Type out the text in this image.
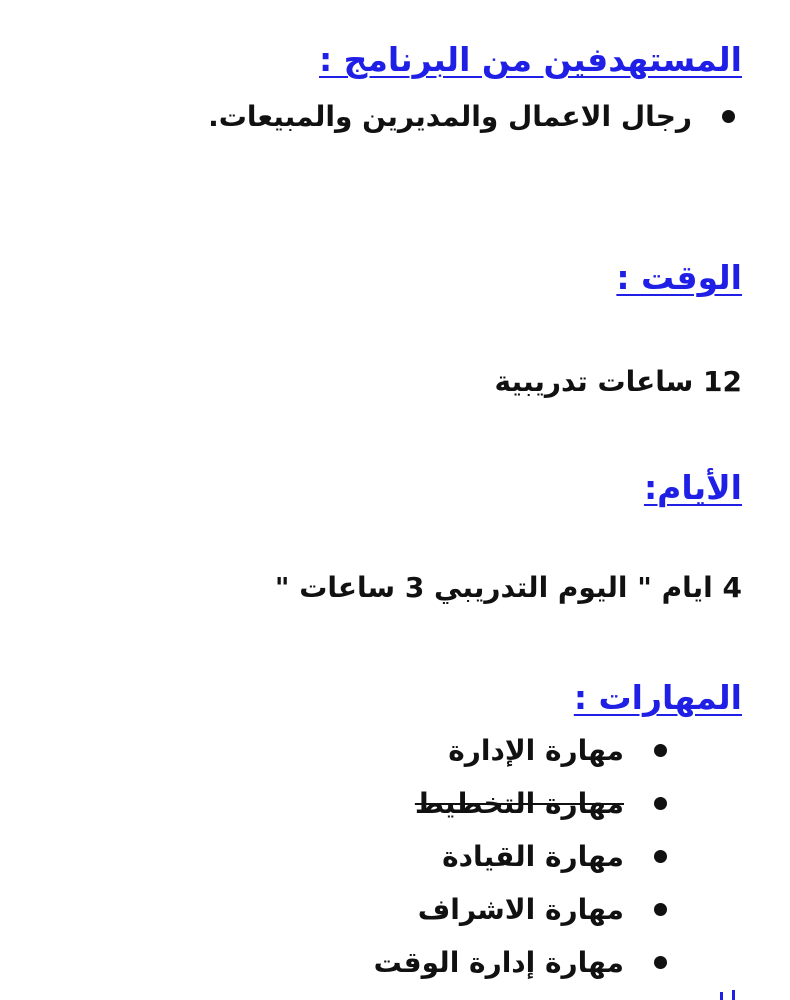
المستهدفين من البرنامج :
رجال الاعمال والمديرين والمبيعات.
الوقت :

12 ساعات تدريبية

الأيام:

4 ايام " اليوم التدريبي 3 ساعات "

المهارات :
مهارة الإدارة
مهارة التخطيط
مهارة القيادة
مهارة الاشراف
مهارة إدارة الوقت
